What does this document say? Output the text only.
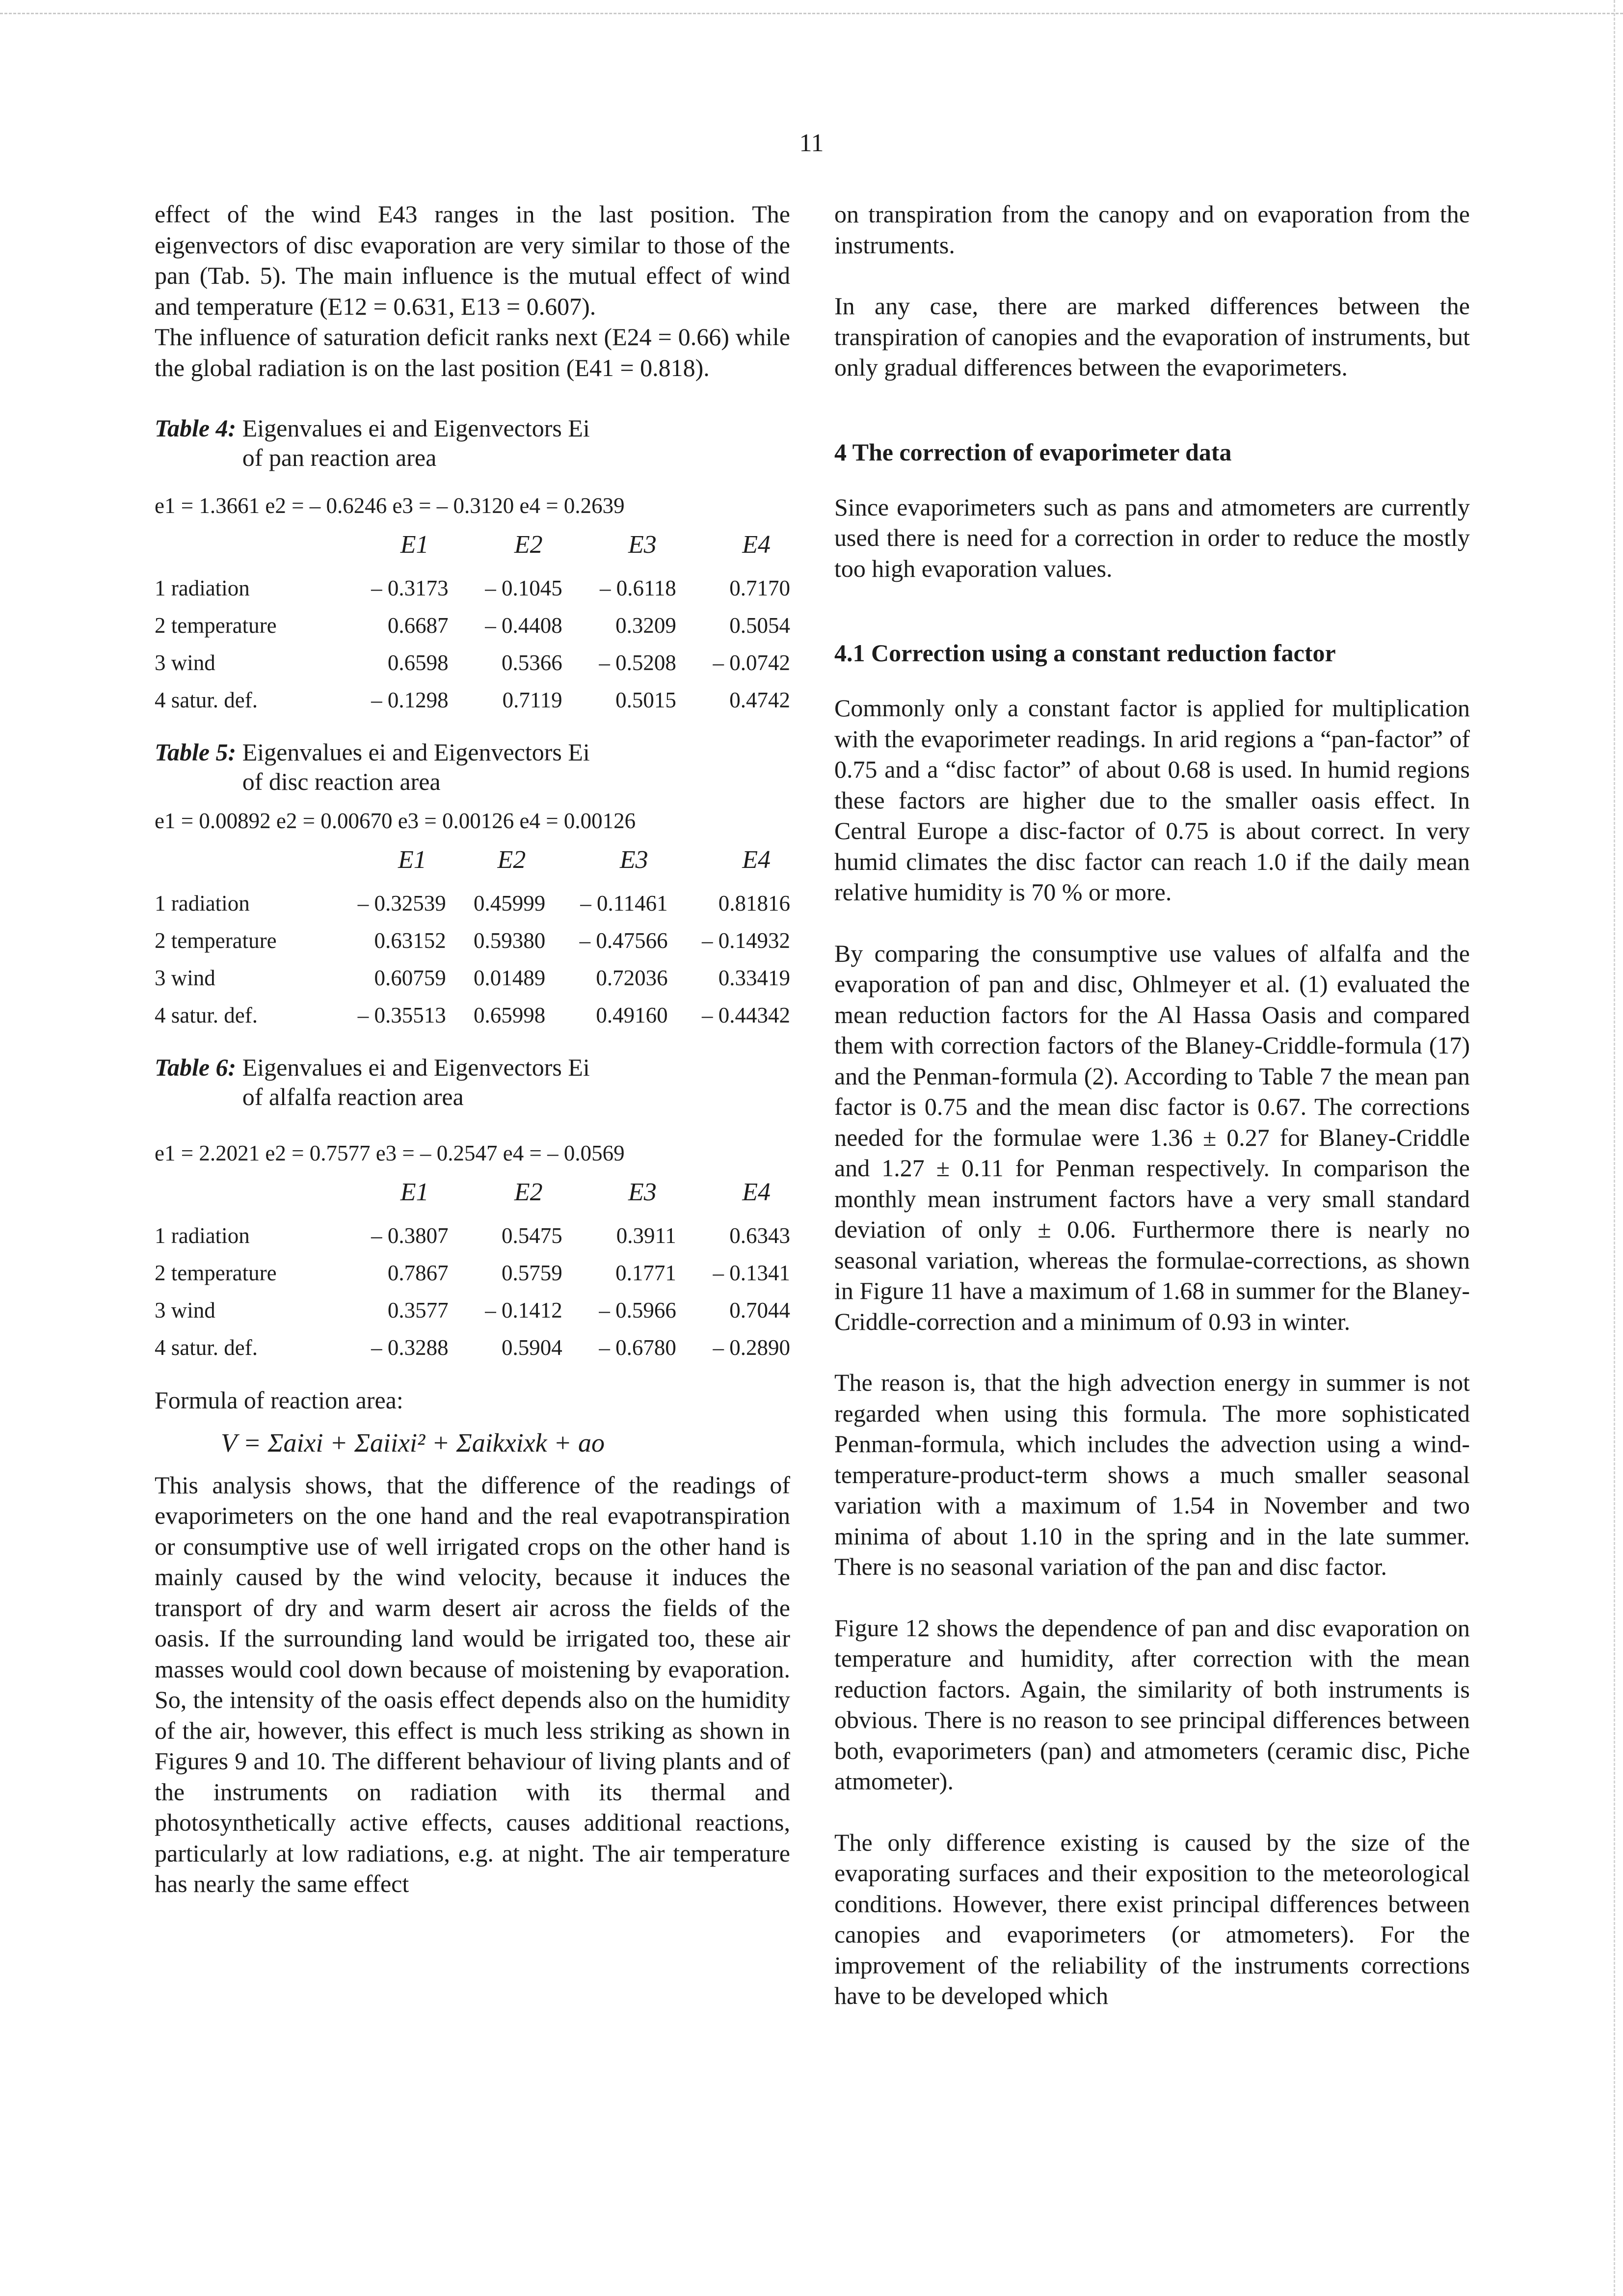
11

effect of the wind E43 ranges in the last position. The eigenvectors of disc evaporation are very similar to those of the pan (Tab. 5). The main influence is the mutual effect of wind and temperature (E12 = 0.631, E13 = 0.607).

The influence of saturation deficit ranks next (E24 = 0.66) while the global radiation is on the last position (E41 = 0.818).

Table 4:
Eigenvalues ei and Eigenvectors Ei
of pan reaction area
e1 = 1.3661 e2 = – 0.6246 e3 = – 0.3120 e4 = 0.2639
	E1	E2	E3	E4
1 radiation	– 0.3173	– 0.1045	– 0.6118	0.7170
2 temperature	0.6687	– 0.4408	0.3209	0.5054
3 wind	0.6598	0.5366	– 0.5208	– 0.0742
4 satur. def.	– 0.1298	0.7119	0.5015	0.4742
Table 5:
Eigenvalues ei and Eigenvectors Ei
of disc reaction area
e1 = 0.00892 e2 = 0.00670 e3 = 0.00126 e4 = 0.00126
	E1	E2	E3	E4
1 radiation	– 0.32539	0.45999	– 0.11461	0.81816
2 temperature	0.63152	0.59380	– 0.47566	– 0.14932
3 wind	0.60759	0.01489	0.72036	0.33419
4 satur. def.	– 0.35513	0.65998	0.49160	– 0.44342
Table 6:
Eigenvalues ei and Eigenvectors Ei
of alfalfa reaction area
e1 = 2.2021 e2 = 0.7577 e3 = – 0.2547 e4 = – 0.0569
	E1	E2	E3	E4
1 radiation	– 0.3807	0.5475	0.3911	0.6343
2 temperature	0.7867	0.5759	0.1771	– 0.1341
3 wind	0.3577	– 0.1412	– 0.5966	0.7044
4 satur. def.	– 0.3288	0.5904	– 0.6780	– 0.2890
Formula of reaction area:
V = Σaixi + Σaiixi² + Σaikxixk + ao

This analysis shows, that the difference of the readings of evaporimeters on the one hand and the real evapotranspiration or consumptive use of well irrigated crops on the other hand is mainly caused by the wind velocity, because it induces the transport of dry and warm desert air across the fields of the oasis. If the surrounding land would be irrigated too, these air masses would cool down because of moistening by evaporation. So, the intensity of the oasis effect depends also on the humidity of the air, however, this effect is much less striking as shown in Figures 9 and 10. The different behaviour of living plants and of the instruments on radiation with its thermal and photosynthetically active effects, causes additional reactions, particularly at low radiations, e.g. at night. The air temperature has nearly the same effect

on transpiration from the canopy and on evaporation from the instruments.

In any case, there are marked differences between the transpiration of canopies and the evaporation of instruments, but only gradual differences between the evaporimeters.

4 The correction of evaporimeter data

Since evaporimeters such as pans and atmometers are currently used there is need for a correction in order to reduce the mostly too high evaporation values.

4.1 Correction using a constant reduction factor

Commonly only a constant factor is applied for multiplication with the evaporimeter readings. In arid regions a “pan-factor” of 0.75 and a “disc factor” of about 0.68 is used. In humid regions these factors are higher due to the smaller oasis effect. In Central Europe a disc-factor of 0.75 is about correct. In very humid climates the disc factor can reach 1.0 if the daily mean relative humidity is 70 % or more.

By comparing the consumptive use values of alfalfa and the evaporation of pan and disc, Ohlmeyer et al. (1) evaluated the mean reduction factors for the Al Hassa Oasis and compared them with correction factors of the Blaney-Criddle-formula (17) and the Penman-formula (2). According to Table 7 the mean pan factor is 0.75 and the mean disc factor is 0.67. The corrections needed for the formulae were 1.36 ± 0.27 for Blaney-Criddle and 1.27 ± 0.11 for Penman respectively. In comparison the monthly mean instrument factors have a very small standard deviation of only ± 0.06. Furthermore there is nearly no seasonal variation, whereas the formulae-corrections, as shown in Figure 11 have a maximum of 1.68 in summer for the Blaney-Criddle-correction and a minimum of 0.93 in winter.

The reason is, that the high advection energy in summer is not regarded when using this formula. The more sophisticated Penman-formula, which includes the advection using a wind-temperature-product-term shows a much smaller seasonal variation with a maximum of 1.54 in November and two minima of about 1.10 in the spring and in the late summer. There is no seasonal variation of the pan and disc factor.

Figure 12 shows the dependence of pan and disc evaporation on temperature and humidity, after correction with the mean reduction factors. Again, the similarity of both instruments is obvious. There is no reason to see principal differences between both, evaporimeters (pan) and atmometers (ceramic disc, Piche atmometer).

The only difference existing is caused by the size of the evaporating surfaces and their exposition to the meteorological conditions. However, there exist principal differences between canopies and evaporimeters (or atmometers). For the improvement of the reliability of the instruments corrections have to be developed which
